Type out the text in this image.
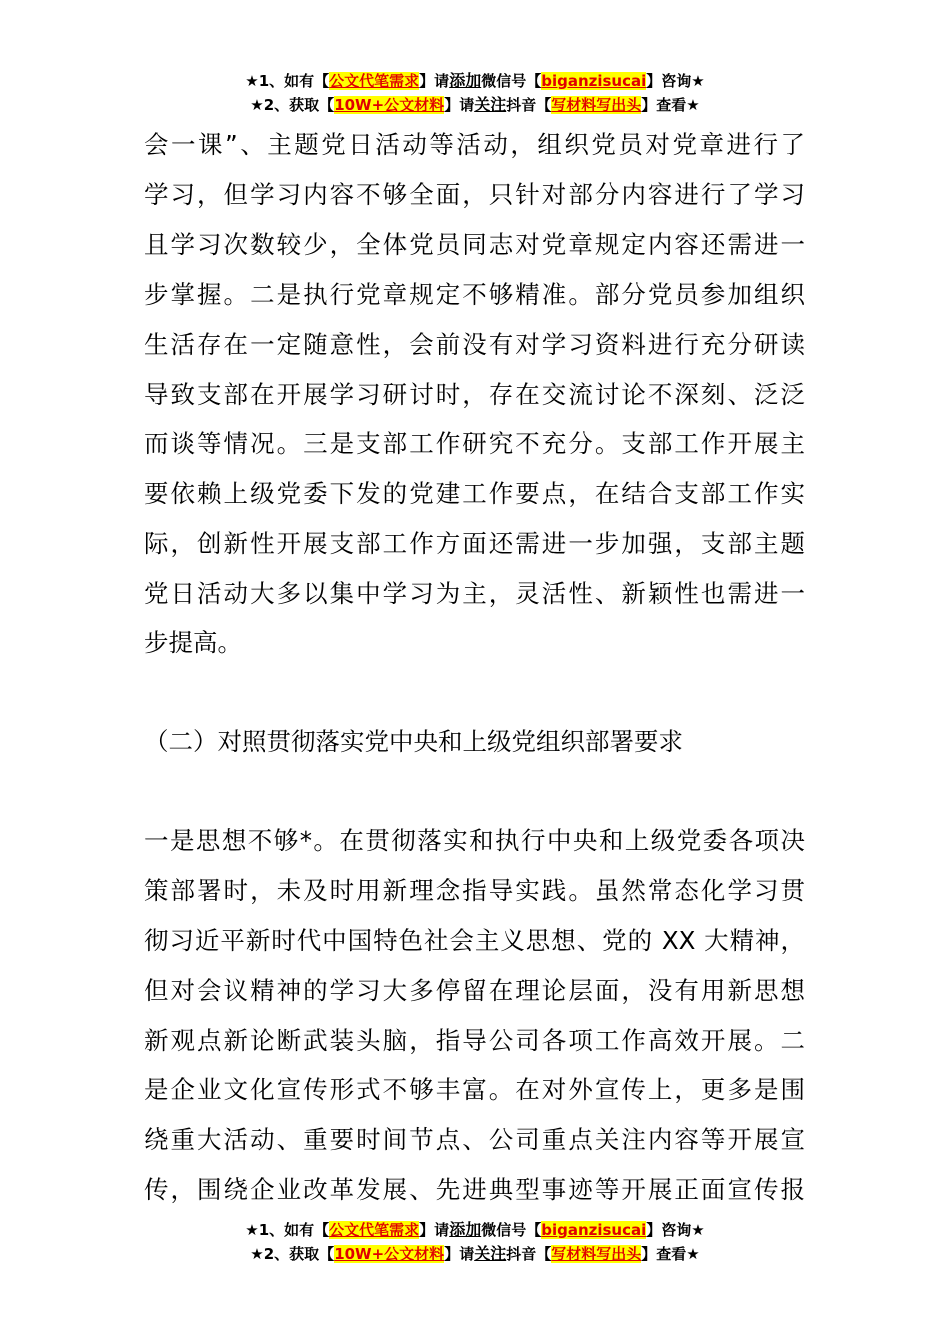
★1、如有【公文代笔需求】请添加微信号【biganzisucai】咨询★
★2、获取【10W+公文材料】请关注抖音【写材料写出头】查看★
会一课”、主题党日活动等活动，组织党员对党章进行了
学习，但学习内容不够全面，只针对部分内容进行了学习
且学习次数较少，全体党员同志对党章规定内容还需进一
步掌握。二是执行党章规定不够精准。部分党员参加组织
生活存在一定随意性，会前没有对学习资料进行充分研读
导致支部在开展学习研讨时，存在交流讨论不深刻、泛泛
而谈等情况。三是支部工作研究不充分。支部工作开展主
要依赖上级党委下发的党建工作要点，在结合支部工作实
际，创新性开展支部工作方面还需进一步加强，支部主题
党日活动大多以集中学习为主，灵活性、新颖性也需进一
步提高。
（二）对照贯彻落实党中央和上级党组织部署要求
一是思想不够*。在贯彻落实和执行中央和上级党委各项决
策部署时，未及时用新理念指导实践。虽然常态化学习贯
彻习近平新时代中国特色社会主义思想、党的 XX 大精神，
但对会议精神的学习大多停留在理论层面，没有用新思想
新观点新论断武装头脑，指导公司各项工作高效开展。二
是企业文化宣传形式不够丰富。在对外宣传上，更多是围
绕重大活动、重要时间节点、公司重点关注内容等开展宣
传，围绕企业改革发展、先进典型事迹等开展正面宣传报
★1、如有【公文代笔需求】请添加微信号【biganzisucai】咨询★
★2、获取【10W+公文材料】请关注抖音【写材料写出头】查看★
